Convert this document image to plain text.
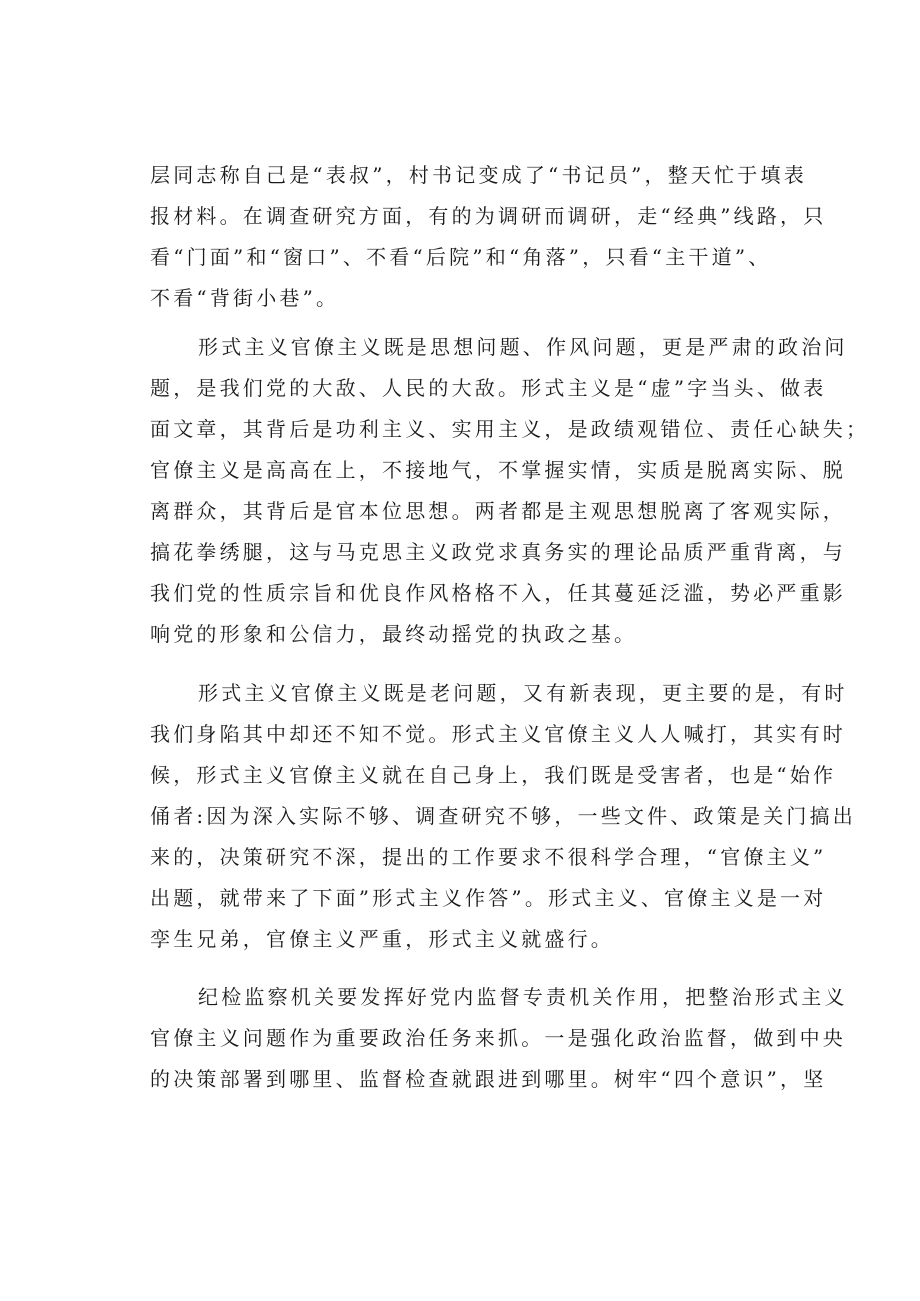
层同志称自己是“表叔”，村书记变成了“书记员”，整天忙于填表
报材料。在调查研究方面，有的为调研而调研，走“经典”线路，只
看“门面”和“窗口”、不看“后院”和“角落”，只看“主干道”、
不看“背街小巷”。
形式主义官僚主义既是思想问题、作风问题，更是严肃的政治问
题，是我们党的大敌、人民的大敌。形式主义是“虚”字当头、做表
面文章，其背后是功利主义、实用主义，是政绩观错位、责任心缺失；
官僚主义是高高在上，不接地气，不掌握实情，实质是脱离实际、脱
离群众，其背后是官本位思想。两者都是主观思想脱离了客观实际，
搞花拳绣腿，这与马克思主义政党求真务实的理论品质严重背离，与
我们党的性质宗旨和优良作风格格不入，任其蔓延泛滥，势必严重影
响党的形象和公信力，最终动摇党的执政之基。
形式主义官僚主义既是老问题，又有新表现，更主要的是，有时
我们身陷其中却还不知不觉。形式主义官僚主义人人喊打，其实有时
候，形式主义官僚主义就在自己身上，我们既是受害者，也是“始作
俑者:因为深入实际不够、调查研究不够，一些文件、政策是关门搞出
来的，决策研究不深，提出的工作要求不很科学合理，“官僚主义”
出题，就带来了下面”形式主义作答”。形式主义、官僚主义是一对
孪生兄弟，官僚主义严重，形式主义就盛行。
纪检监察机关要发挥好党内监督专责机关作用，把整治形式主义
官僚主义问题作为重要政治任务来抓。一是强化政治监督，做到中央
的决策部署到哪里、监督检查就跟进到哪里。树牢“四个意识”，坚
